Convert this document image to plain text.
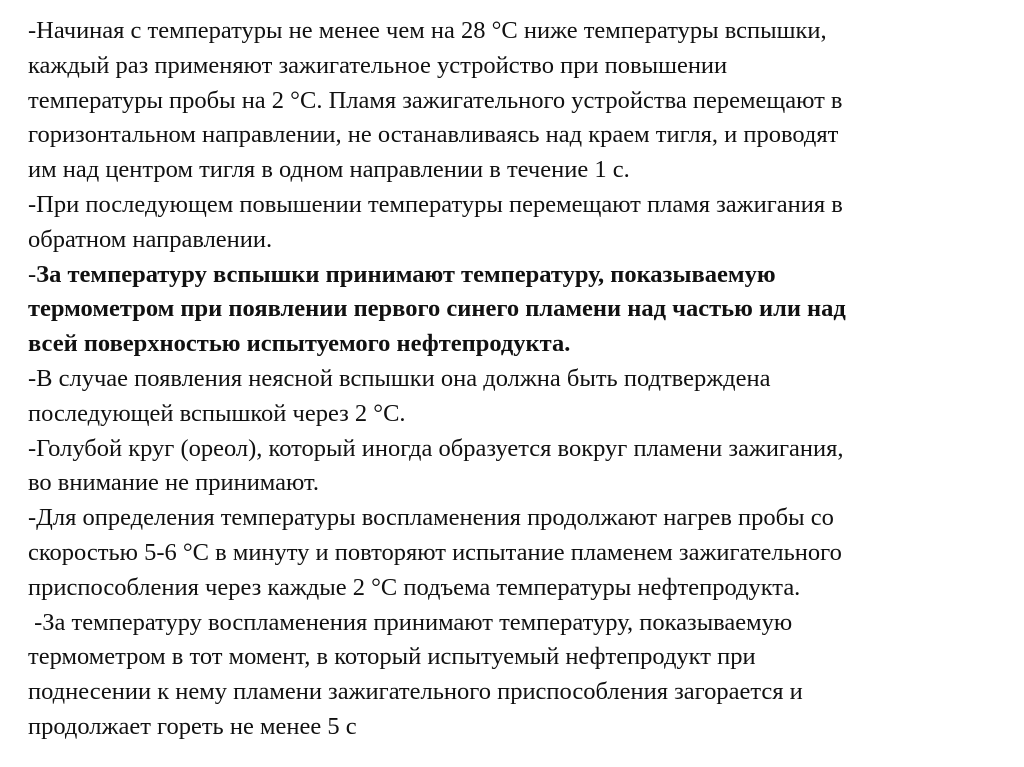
-Начиная с температуры не менее чем на 28 °С ниже температуры вспышки,
каждый раз применяют зажигательное устройство при повышении
температуры пробы на 2 °С. Пламя зажигательного устройства перемещают в
горизонтальном направлении, не останавливаясь над краем тигля, и проводят
им над центром тигля в одном направлении в течение 1 с.
-При последующем повышении температуры перемещают пламя зажигания в
обратном направлении.
-За температуру вспышки принимают температуру, показываемую
термометром при появлении первого синего пламени над частью или над
всей поверхностью испытуемого нефтепродукта.
-В случае появления неясной вспышки она должна быть подтверждена
последующей вспышкой через 2 °С.
-Голубой круг (ореол), который иногда образуется вокруг пламени зажигания,
во внимание не принимают.
-Для определения температуры воспламенения продолжают нагрев пробы со
скоростью 5-6 °С в минуту и повторяют испытание пламенем зажигательного
приспособления через каждые 2 °С подъема температуры нефтепродукта.
-За температуру воспламенения принимают температуру, показываемую
термометром в тот момент, в который испытуемый нефтепродукт при
поднесении к нему пламени зажигательного приспособления загорается и
продолжает гореть не менее 5 с
